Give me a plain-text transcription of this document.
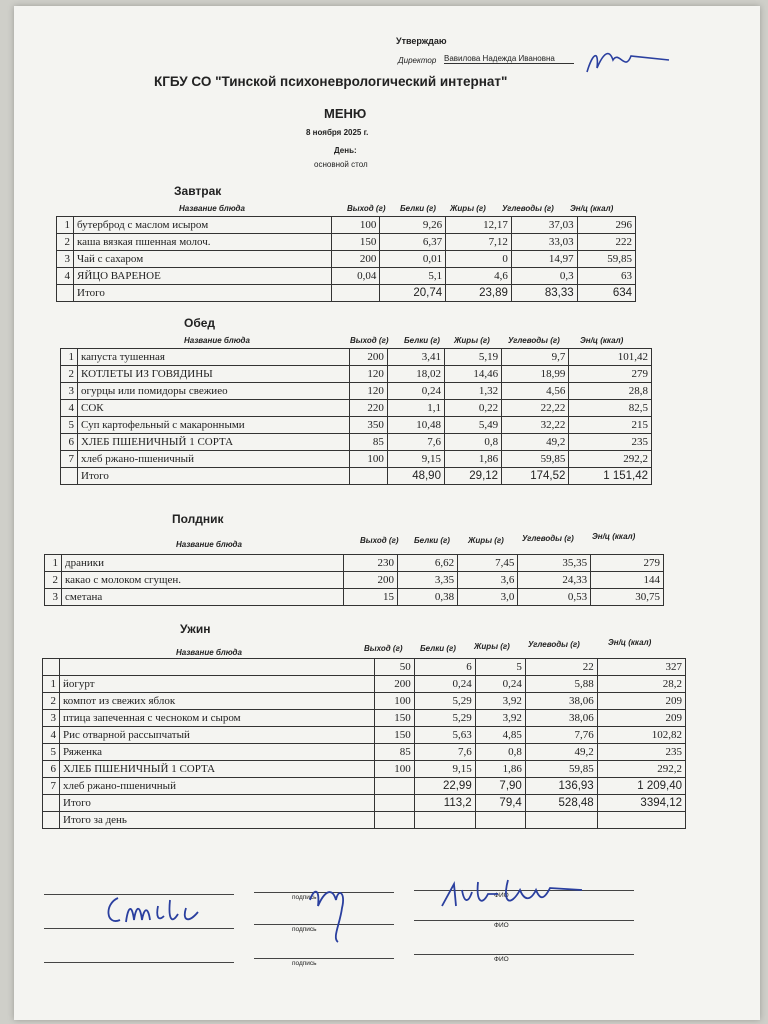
Утверждаю
Директор Вавилова Надежда Ивановна
КГБУ СО "Тинской психоневрологический интернат"
МЕНЮ
8 ноября 2025 г.
День:
основной стол
Завтрак
Название блюда	Выход (г) Белки (г) Жиры (г) Углеводы (г) Эн/ц (ккал)
1	бутерброд с маслом исыром	100	9,26	12,17	37,03	296
2	каша вязкая пшенная молоч.	150	6,37	7,12	33,03	222
3	Чай с сахаром	200	0,01	0	14,97	59,85
4	ЯЙЦО ВАРЕНОЕ	0,04	5,1	4,6	0,3	63
	Итого		20,74	23,89	83,33	634
Обед
Название блюда	Выход (г) Белки (г) Жиры (г) Углеводы (г)	Эн/ц (ккал)
1	капуста тушенная	200	3,41	5,19	9,7	101,42
2	КОТЛЕТЫ ИЗ ГОВЯДИНЫ	120	18,02	14,46	18,99	279
3	огурцы или помидоры свежиео	120	0,24	1,32	4,56	28,8
4	СОК	220	1,1	0,22	22,22	82,5
5	Суп картофельный с макаронными	350	10,48	5,49	32,22	215
6	ХЛЕБ ПШЕНИЧНЫЙ 1 СОРТА	85	7,6	0,8	49,2	235
7	хлеб ржано-пшеничный	100	9,15	1,86	59,85	292,2
	Итого		48,90	29,12	174,52	1 151,42
Полдник
Название блюда	Выход (г) Белки (г) Жиры (г) Углеводы (г) Эн/ц (ккал)
1	драники	230	6,62	7,45	35,35	279
2	какао с молоком сгущен.	200	3,35	3,6	24,33	144
3	сметана	15	0,38	3,0	0,53	30,75
Ужин
Название блюда	Выход (г) Белки (г) Жиры (г) Углеводы (г)	Эн/ц (ккал)
		50	6	5	22	327
1	йогурт	200	0,24	0,24	5,88	28,2
2	компот из свежих яблок	100	5,29	3,92	38,06	209
3	птица запеченная с чесноком и сыром	150	5,29	3,92	38,06	209
4	Рис отварной рассыпчатый	150	5,63	4,85	7,76	102,82
5	Ряженка	85	7,6	0,8	49,2	235
6	ХЛЕБ ПШЕНИЧНЫЙ 1 СОРТА	100	9,15	1,86	59,85	292,2
7	хлеб ржано-пшеничный		22,99	7,90	136,93	1 209,40
	Итого		113,2	79,4	528,48	3394,12
	Итого за день					
подпись	ФИО
подпись
ФИО
подпись
ФИО
